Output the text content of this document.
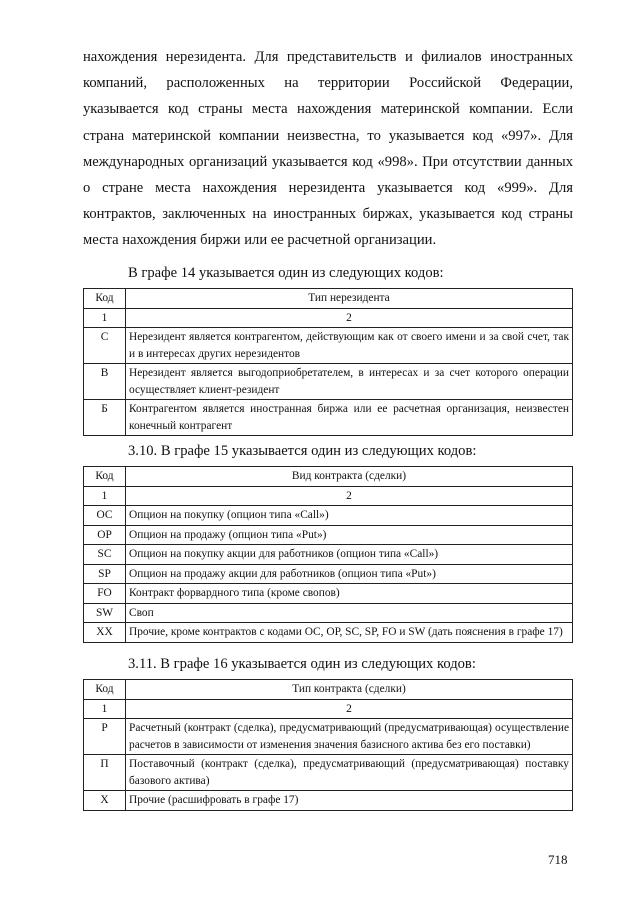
нахождения нерезидента. Для представительств и филиалов иностранных компаний, расположенных на территории Российской Федерации, указывается код страны места нахождения материнской компании. Если страна материнской компании неизвестна, то указывается код «997». Для международных организаций указывается код «998». При отсутствии данных о стране места нахождения нерезидента указывается код «999». Для контрактов, заключенных на иностранных биржах, указывается код страны места нахождения биржи или ее расчетной организации.

В графе 14 указывается один из следующих кодов:

Код	Тип нерезидента
1	2
С	Нерезидент является контрагентом, действующим как от своего имени и за свой счет, так и в интересах других нерезидентов
В	Нерезидент является выгодоприобретателем, в интересах и за счет которого операции осуществляет клиент-резидент
Б	Контрагентом является иностранная биржа или ее расчетная организация, неизвестен конечный контрагент

3.10. В графе 15 указывается один из следующих кодов:

Код	Вид контракта (сделки)
1	2
ОС	Опцион на покупку (опцион типа «Call»)
OP	Опцион на продажу (опцион типа «Put»)
SC	Опцион на покупку акции для работников (опцион типа «Call»)
SP	Опцион на продажу акции для работников (опцион типа «Put»)
FO	Контракт форвардного типа (кроме свопов)
SW	Своп
XX	Прочие, кроме контрактов с кодами ОС, ОР, SC, SP, FO и SW (дать пояснения в графе 17)

3.11. В графе 16 указывается один из следующих кодов:

Код	Тип контракта (сделки)
1	2
Р	Расчетный (контракт (сделка), предусматривающий (предусматривающая) осуществление расчетов в зависимости от изменения значения базисного актива без его поставки)
П	Поставочный (контракт (сделка), предусматривающий (предусматривающая) поставку базового актива)
Х	Прочие (расшифровать в графе 17)
718
